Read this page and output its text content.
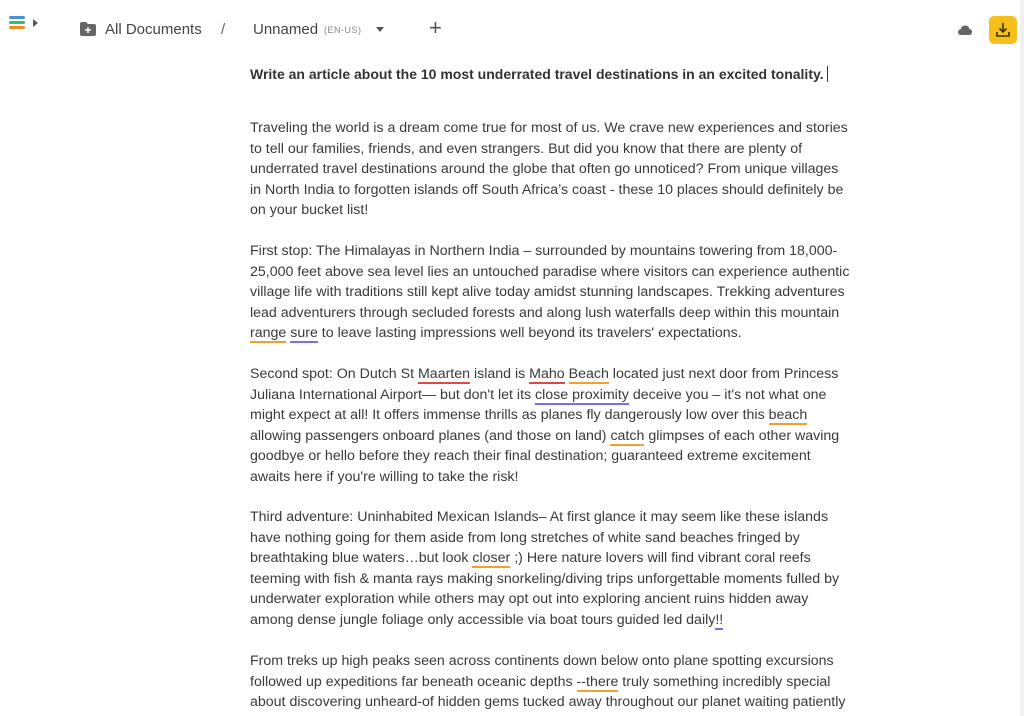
All Documents / Unnamed (EN-US)	+

Write an article about the 10 most underrated travel destinations in an excited tonality.

Traveling the world is a dream come true for most of us. We crave new experiences and stories to tell our families, friends, and even strangers. But did you know that there are plenty of underrated travel destinations around the globe that often go unnoticed? From unique villages in North India to forgotten islands off South Africa’s coast - these 10 places should definitely be on your bucket list!

First stop: The Himalayas in Northern India – surrounded by mountains towering from 18,000-25,000 feet above sea level lies an untouched paradise where visitors can experience authentic village life with traditions still kept alive today amidst stunning landscapes. Trekking adventures lead adventurers through secluded forests and along lush waterfalls deep within this mountain range sure to leave lasting impressions well beyond its travelers' expectations.

Second spot: On Dutch St Maarten island is Maho Beach located just next door from Princess Juliana International Airport— but don't let its close proximity deceive you – it's not what one might expect at all! It offers immense thrills as planes fly dangerously low over this beach allowing passengers onboard planes (and those on land) catch glimpses of each other waving goodbye or hello before they reach their final destination; guaranteed extreme excitement awaits here if you're willing to take the risk!

Third adventure: Uninhabited Mexican Islands– At first glance it may seem like these islands have nothing going for them aside from long stretches of white sand beaches fringed by breathtaking blue waters…but look closer ;) Here nature lovers will find vibrant coral reefs teeming with fish & manta rays making snorkeling/diving trips unforgettable moments fulled by underwater exploration while others may opt out into exploring ancient ruins hidden away among dense jungle foliage only accessible via boat tours guided led daily!!

From treks up high peaks seen across continents down below onto plane spotting excursions followed up expeditions far beneath oceanic depths --there truly something incredibly special about discovering unheard-of hidden gems tucked away throughout our planet waiting patiently
